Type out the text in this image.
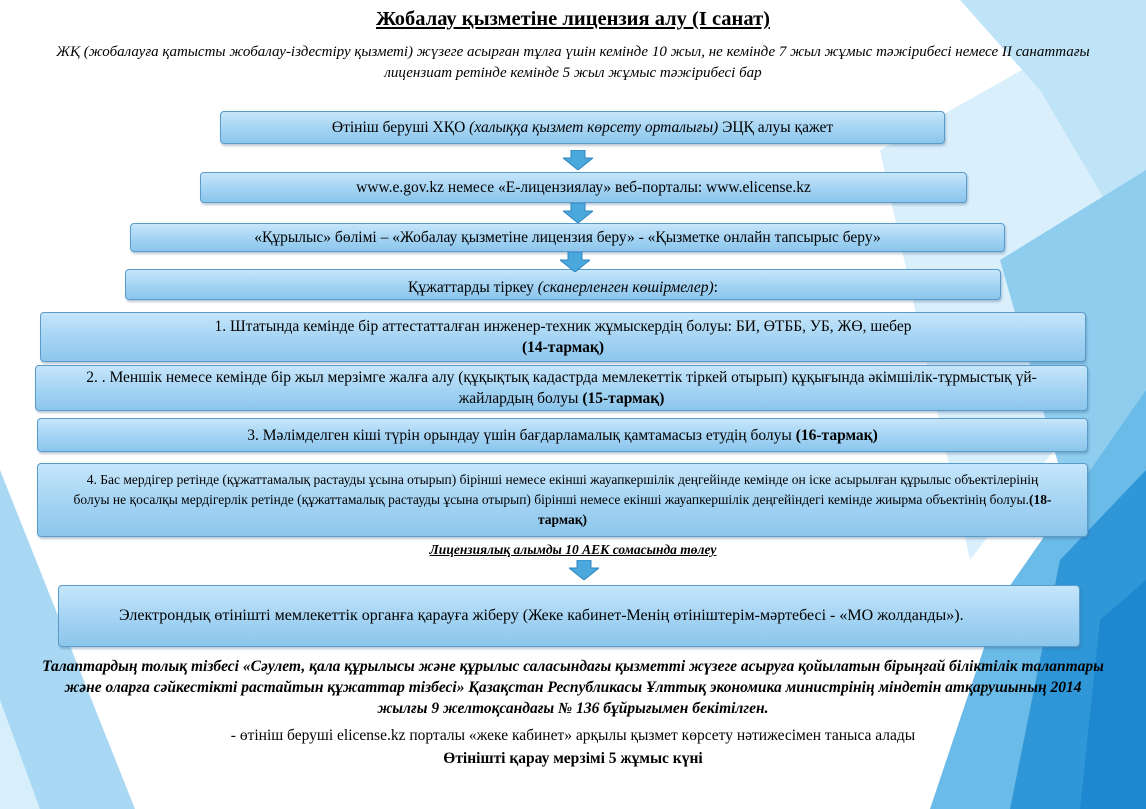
Жобалау қызметіне лицензия алу (І санат)
ЖҚ (жобалауға қатысты жобалау-іздестіру қызметі) жүзеге асырған тұлға үшін кемінде 10 жыл, не кемінде 7 жыл жұмыс тәжірибесі немесе ІІ санаттағы лицензиат ретінде кемінде 5 жыл жұмыс тәжірибесі бар
Өтініш беруші ХҚО (халыққа қызмет көрсету орталығы) ЭЦҚ алуы қажет
www.e.gov.kz немесе «Е-лицензиялау» веб-порталы: www.elicense.kz
«Құрылыс» бөлімі – «Жобалау қызметіне лицензия беру» - «Қызметке онлайн тапсырыс беру»
Құжаттарды тіркеу (сканерленген көшірмелер):
1. Штатында кемінде бір аттестатталған инженер-техник жұмыскердің болуы: БИ, ӨТББ, УБ, ЖӨ, шебер
(14-тармақ)
2. . Меншік немесе кемінде бір жыл мерзімге жалға алу (құқықтық кадастрда мемлекеттік тіркей отырып) құқығында әкімшілік-тұрмыстық үй-жайлардың болуы (15-тармақ)
3. Мәлімделген кіші түрін орындау үшін бағдарламалық қамтамасыз етудің болуы (16-тармақ)
4. Бас мердігер ретінде (құжаттамалық растауды ұсына отырып) бірінші немесе екінші жауапкершілік деңгейінде кемінде он іске асырылған құрылыс объектілерінің болуы не қосалқы мердігерлік ретінде (құжаттамалық растауды ұсына отырып) бірінші немесе екінші жауапкершілік деңгейіндегі кемінде жиырма объектінің болуы.(18-тармақ)
Лицензиялық алымды 10 АЕК сомасында төлеу
Электрондық өтінішті мемлекеттік органға қарауға жіберу (Жеке кабинет-Менің өтініштерім-мәртебесі - «МО жолданды»).
Талаптардың толық тізбесі «Сәулет, қала құрылысы және құрылыс саласындағы қызметті жүзеге асыруға қойылатын бірыңғай біліктілік талаптары және оларға сәйкестікті растайтын құжаттар тізбесі» Қазақстан Республикасы Ұлттық экономика министрінің міндетін атқарушының 2014 жылғы 9 желтоқсандағы № 136 бұйрығымен бекітілген.
- өтініш беруші elicense.kz порталы «жеке кабинет» арқылы қызмет көрсету нәтижесімен таныса алады
Өтінішті қарау мерзімі 5 жұмыс күні
